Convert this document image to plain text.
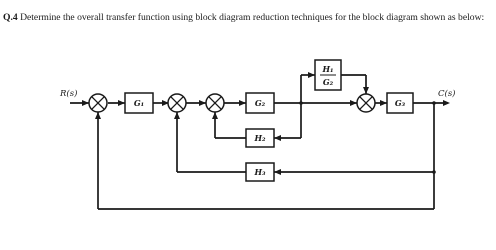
Q.4 Determine the overall transfer function using block diagram reduction techniques for the block diagram shown as below:
G₁	G₂	G₃
H₁
G₂
H₂
H₃
R(s)	C(s)
